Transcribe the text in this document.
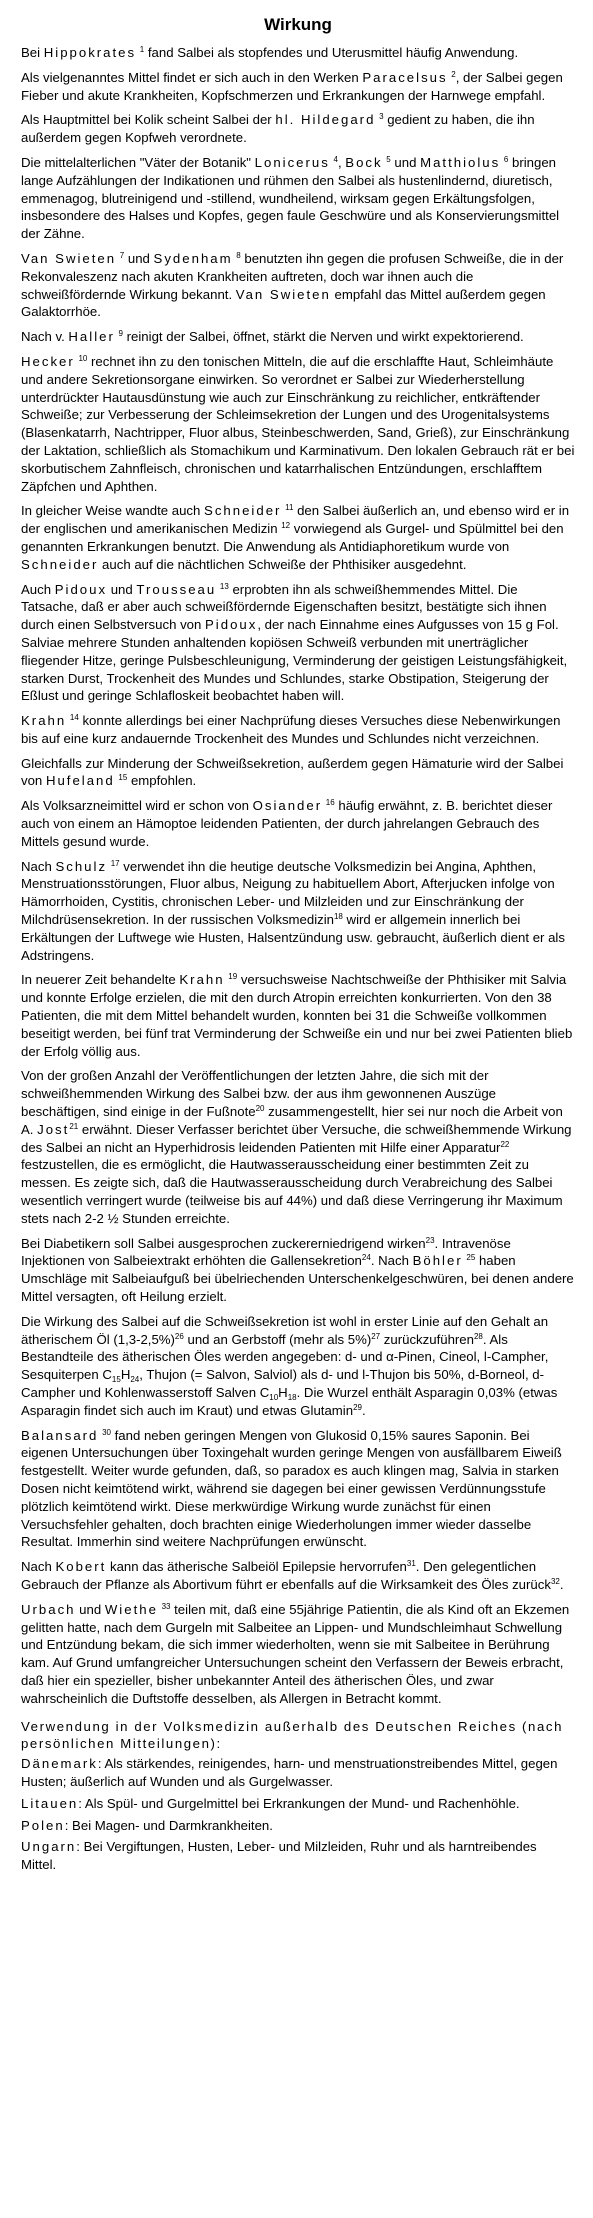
Wirkung

Bei Hippokrates $^1$ fand Salbei als stopfendes und Uterusmittel häufig Anwendung.

Als vielgenanntes Mittel findet er sich auch in den Werken Paracelsus $^2$, der Salbei gegen Fieber und akute Krankheiten, Kopfschmerzen und Erkrankungen der Harnwege empfahl.

Als Hauptmittel bei Kolik scheint Salbei der hl. Hildegard $^3$ gedient zu haben, die ihn außerdem gegen Kopfweh verordnete.

Die mittelalterlichen "Väter der Botanik" Lonicerus $^4$, Bock $^5$ und Matthiolus $^6$ bringen lange Aufzählungen der Indikationen und rühmen den Salbei als hustenlindernd, diuretisch, emmenagog, blutreinigend und -stillend, wundheilend, wirksam gegen Erkältungsfolgen, insbesondere des Halses und Kopfes, gegen faule Geschwüre und als Konservierungsmittel der Zähne.

Van Swieten $^7$ und Sydenham $^8$ benutzten ihn gegen die profusen Schweiße, die in der Rekonvaleszenz nach akuten Krankheiten auftreten, doch war ihnen auch die schweißfördernde Wirkung bekannt. Van Swieten empfahl das Mittel außerdem gegen Galaktorrhöe.

Nach v. Haller $^9$ reinigt der Salbei, öffnet, stärkt die Nerven und wirkt expektorierend.

Hecker $^{10}$ rechnet ihn zu den tonischen Mitteln, die auf die erschlaffte Haut, Schleimhäute und andere Sekretionsorgane einwirken. So verordnet er Salbei zur Wiederherstellung unterdrückter Hautausdünstung wie auch zur Einschränkung zu reichlicher, entkräftender Schweiße; zur Verbesserung der Schleimsekretion der Lungen und des Urogenitalsystems (Blasenkatarrh, Nachtripper, Fluor albus, Steinbeschwerden, Sand, Grieß), zur Einschränkung der Laktation, schließlich als Stomachikum und Karminativum. Den lokalen Gebrauch rät er bei skorbutischem Zahnfleisch, chronischen und katarrhalischen Entzündungen, erschlafftem Zäpfchen und Aphthen.

In gleicher Weise wandte auch Schneider $^{11}$ den Salbei äußerlich an, und ebenso wird er in der englischen und amerikanischen Medizin $^{12}$ vorwiegend als Gurgel- und Spülmittel bei den genannten Erkrankungen benutzt. Die Anwendung als Antidiaphoretikum wurde von Schneider auch auf die nächtlichen Schweiße der Phthisiker ausgedehnt.

Auch Pidoux und Trousseau $^{13}$ erprobten ihn als schweißhemmendes Mittel. Die Tatsache, daß er aber auch schweißfördernde Eigenschaften besitzt, bestätigte sich ihnen durch einen Selbstversuch von Pidoux, der nach Einnahme eines Aufgusses von 15 g Fol. Salviae mehrere Stunden anhaltenden kopiösen Schweiß verbunden mit unerträglicher fliegender Hitze, geringe Pulsbeschleunigung, Verminderung der geistigen Leistungsfähigkeit, starken Durst, Trockenheit des Mundes und Schlundes, starke Obstipation, Steigerung der Eßlust und geringe Schlafloskeit beobachtet haben will.

Krahn $^{14}$ konnte allerdings bei einer Nachprüfung dieses Versuches diese Nebenwirkungen bis auf eine kurz andauernde Trockenheit des Mundes und Schlundes nicht verzeichnen.

Gleichfalls zur Minderung der Schweißsekretion, außerdem gegen Hämaturie wird der Salbei von Hufeland $^{15}$ empfohlen.

Als Volksarzneimittel wird er schon von Osiander $^{16}$ häufig erwähnt, z. B. berichtet dieser auch von einem an Hämoptoe leidenden Patienten, der durch jahrelangen Gebrauch des Mittels gesund wurde.

Nach Schulz $^{17}$ verwendet ihn die heutige deutsche Volksmedizin bei Angina, Aphthen, Menstruationsstörungen, Fluor albus, Neigung zu habituellem Abort, Afterjucken infolge von Hämorrhoiden, Cystitis, chronischen Leber- und Milzleiden und zur Einschränkung der Milchdrüsensekretion. In der russischen Volksmedizin$^{18}$ wird er allgemein innerlich bei Erkältungen der Luftwege wie Husten, Halsentzündung usw. gebraucht, äußerlich dient er als Adstringens.

In neuerer Zeit behandelte Krahn $^{19}$ versuchsweise Nachtschweiße der Phthisiker mit Salvia und konnte Erfolge erzielen, die mit den durch Atropin erreichten konkurrierten. Von den 38 Patienten, die mit dem Mittel behandelt wurden, konnten bei 31 die Schweiße vollkommen beseitigt werden, bei fünf trat Verminderung der Schweiße ein und nur bei zwei Patienten blieb der Erfolg völlig aus.

Von der großen Anzahl der Veröffentlichungen der letzten Jahre, die sich mit der schweißhemmenden Wirkung des Salbei bzw. der aus ihm gewonnenen Auszüge beschäftigen, sind einige in der Fußnote$^{20}$ zusammengestellt, hier sei nur noch die Arbeit von A. Jost$^{21}$ erwähnt. Dieser Verfasser berichtet über Versuche, die schweißhemmende Wirkung des Salbei an nicht an Hyperhidrosis leidenden Patienten mit Hilfe einer Apparatur$^{22}$ festzustellen, die es ermöglicht, die Hautwasserausscheidung einer bestimmten Zeit zu messen. Es zeigte sich, daß die Hautwasserausscheidung durch Verabreichung des Salbei wesentlich verringert wurde (teilweise bis auf 44%) und daß diese Verringerung ihr Maximum stets nach 2-2 ½ Stunden erreichte.

Bei Diabetikern soll Salbei ausgesprochen zuckererniedrigend wirken$^{23}$. Intravenöse Injektionen von Salbeiextrakt erhöhten die Gallensekretion$^{24}$. Nach Böhler $^{25}$ haben Umschläge mit Salbeiaufguß bei übelriechenden Unterschenkelgeschwüren, bei denen andere Mittel versagten, oft Heilung erzielt.

Die Wirkung des Salbei auf die Schweißsekretion ist wohl in erster Linie auf den Gehalt an ätherischem Öl $(1,3-2,5\%)^{26}$ und an Gerbstoff (mehr als 5%)$^{27}$ zurückzuführen$^{28}$. Als Bestandteile des ätherischen Öles werden angegeben: d- und α-Pinen, Cineol, l-Campher, Sesquiterpen $C_{15}H_{24}$, Thujon (= Salvon, Salviol) als d- und l-Thujon bis 50%, d-Borneol, d-Campher und Kohlenwasserstoff Salven $C_{10}H_{18}$. Die Wurzel enthält Asparagin 0,03% (etwas Asparagin findet sich auch im Kraut) und etwas Glutamin$^{29}$.

Balansard $^{30}$ fand neben geringen Mengen von Glukosid 0,15% saures Saponin. Bei eigenen Untersuchungen über Toxingehalt wurden geringe Mengen von ausfällbarem Eiweiß festgestellt. Weiter wurde gefunden, daß, so paradox es auch klingen mag, Salvia in starken Dosen nicht keimtötend wirkt, während sie dagegen bei einer gewissen Verdünnungsstufe plötzlich keimtötend wirkt. Diese merkwürdige Wirkung wurde zunächst für einen Versuchsfehler gehalten, doch brachten einige Wiederholungen immer wieder dasselbe Resultat. Immerhin sind weitere Nachprüfungen erwünscht.

Nach Kobert kann das ätherische Salbeiöl Epilepsie hervorrufen$^{31}$. Den gelegentlichen Gebrauch der Pflanze als Abortivum führt er ebenfalls auf die Wirksamkeit des Öles zurück$^{32}$.

Urbach und Wiethe $^{33}$ teilen mit, daß eine 55jährige Patientin, die als Kind oft an Ekzemen gelitten hatte, nach dem Gurgeln mit Salbeitee an Lippen- und Mundschleimhaut Schwellung und Entzündung bekam, die sich immer wiederholten, wenn sie mit Salbeitee in Berührung kam. Auf Grund umfangreicher Untersuchungen scheint den Verfassern der Beweis erbracht, daß hier ein spezieller, bisher unbekannter Anteil des ätherischen Öles, und zwar wahrscheinlich die Duftstoffe desselben, als Allergen in Betracht kommt.

Verwendung in der Volksmedizin außerhalb des Deutschen Reiches (nach persönlichen Mitteilungen):

Dänemark: Als stärkendes, reinigendes, harn- und menstruationstreibendes Mittel, gegen Husten; äußerlich auf Wunden und als Gurgelwasser.

Litauen: Als Spül- und Gurgelmittel bei Erkrankungen der Mund- und Rachenhöhle.

Polen: Bei Magen- und Darmkrankheiten.

Ungarn: Bei Vergiftungen, Husten, Leber- und Milzleiden, Ruhr und als harntreibendes Mittel.
